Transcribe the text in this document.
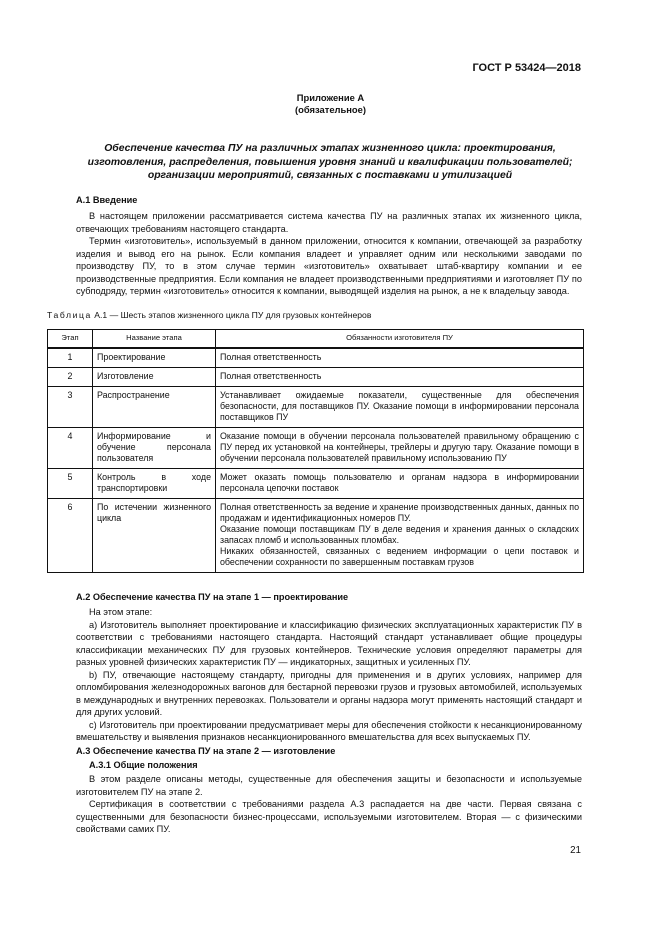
ГОСТ Р 53424—2018
Приложение А
(обязательное)
Обеспечение качества ПУ на различных этапах жизненного цикла: проектирования,
изготовления, распределения, повышения уровня знаний и квалификации пользователей;
организации мероприятий, связанных с поставками и утилизацией
А.1 Введение

В настоящем приложении рассматривается система качества ПУ на различных этапах их жизненного цикла, отвечающих требованиям настоящего стандарта.

Термин «изготовитель», используемый в данном приложении, относится к компании, отвечающей за разработку изделия и вывод его на рынок. Если компания владеет и управляет одним или несколькими заводами по производству ПУ, то в этом случае термин «изготовитель» охватывает штаб-квартиру компании и ее производственные предприятия. Если компания не владеет производственными предприятиями и изготовляет ПУ по субподряду, термин «изготовитель» относится к компании, выводящей изделия на рынок, а не к владельцу завода.

Таблица А.1 — Шесть этапов жизненного цикла ПУ для грузовых контейнеров
Этап	Название этапа	Обязанности изготовителя ПУ
1	Проектирование	Полная ответственность
2	Изготовление	Полная ответственность
3	Распространение	Устанавливает ожидаемые показатели, существенные для обеспечения безопасности, для поставщиков ПУ. Оказание помощи в информировании персонала поставщиков ПУ
4	Информирование и обучение персонала пользователя	Оказание помощи в обучении персонала пользователей правильному обращению с ПУ перед их установкой на контейнеры, трейлеры и другую тару. Оказание помощи в обучении персонала пользователей правильному использованию ПУ
5	Контроль в ходе транспортировки	Может оказать помощь пользователю и органам надзора в информировании персонала цепочки поставок
6	По истечении жизненного цикла	Полная ответственность за ведение и хранение производственных данных, данных по продажам и идентификационных номеров ПУ.
Оказание помощи поставщикам ПУ в деле ведения и хранения данных о складских запасах пломб и использованных пломбах.
Никаких обязанностей, связанных с ведением информации о цепи поставок и обеспечении сохранности по завершенным поставкам грузов
А.2 Обеспечение качества ПУ на этапе 1 — проектирование

На этом этапе:

а) Изготовитель выполняет проектирование и классификацию физических эксплуатационных характеристик ПУ в соответствии с требованиями настоящего стандарта. Настоящий стандарт устанавливает общие процедуры классификации механических ПУ для грузовых контейнеров. Технические условия определяют параметры для разных уровней физических характеристик ПУ — индикаторных, защитных и усиленных ПУ.

b) ПУ, отвечающие настоящему стандарту, пригодны для применения и в других условиях, например для опломбирования железнодорожных вагонов для бестарной перевозки грузов и грузовых автомобилей, используемых в международных и внутренних перевозках. Пользователи и органы надзора могут применять настоящий стандарт и для других условий.

с) Изготовитель при проектировании предусматривает меры для обеспечения стойкости к несанкционированному вмешательству и выявления признаков несанкционированного вмешательства для всех выпускаемых ПУ.

А.3 Обеспечение качества ПУ на этапе 2 — изготовление
А.3.1 Общие положения

В этом разделе описаны методы, существенные для обеспечения защиты и безопасности и используемые изготовителем ПУ на этапе 2.

Сертификация в соответствии с требованиями раздела А.3 распадается на две части. Первая связана с существенными для безопасности бизнес-процессами, используемыми изготовителем. Вторая — с физическими свойствами самих ПУ.

21
